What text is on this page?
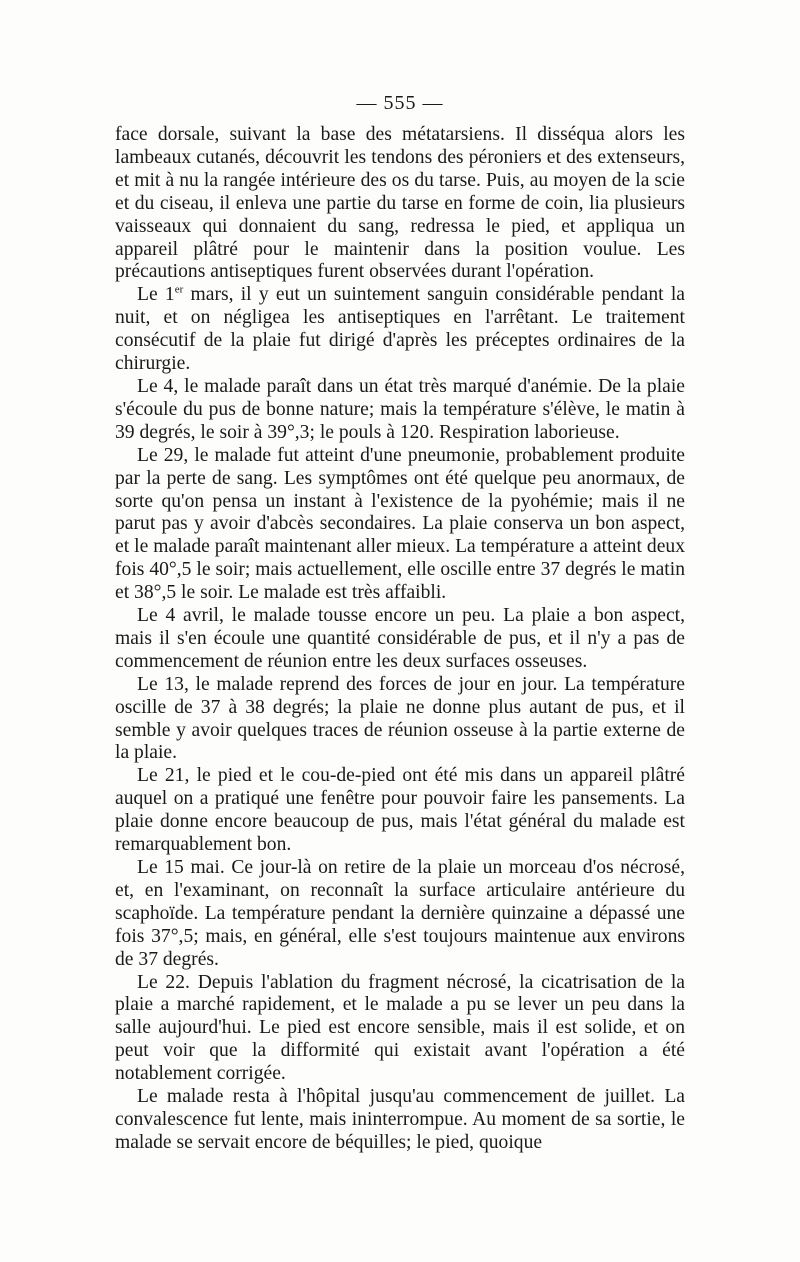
— 555 —

face dorsale, suivant la base des métatarsiens. Il disséqua alors les lambeaux cutanés, découvrit les tendons des péroniers et des extenseurs, et mit à nu la rangée intérieure des os du tarse. Puis, au moyen de la scie et du ciseau, il enleva une partie du tarse en forme de coin, lia plusieurs vaisseaux qui donnaient du sang, redressa le pied, et appliqua un appareil plâtré pour le maintenir dans la position voulue. Les précautions antiseptiques furent observées durant l'opération.

Le 1er mars, il y eut un suintement sanguin considérable pendant la nuit, et on négligea les antiseptiques en l'arrêtant. Le traitement consécutif de la plaie fut dirigé d'après les préceptes ordinaires de la chirurgie.

Le 4, le malade paraît dans un état très marqué d'anémie. De la plaie s'écoule du pus de bonne nature; mais la température s'élève, le matin à 39 degrés, le soir à 39°,3; le pouls à 120. Respiration laborieuse.

Le 29, le malade fut atteint d'une pneumonie, probablement produite par la perte de sang. Les symptômes ont été quelque peu anormaux, de sorte qu'on pensa un instant à l'existence de la pyohémie; mais il ne parut pas y avoir d'abcès secondaires. La plaie conserva un bon aspect, et le malade paraît maintenant aller mieux. La température a atteint deux fois 40°,5 le soir; mais actuellement, elle oscille entre 37 degrés le matin et 38°,5 le soir. Le malade est très affaibli.

Le 4 avril, le malade tousse encore un peu. La plaie a bon aspect, mais il s'en écoule une quantité considérable de pus, et il n'y a pas de commencement de réunion entre les deux surfaces osseuses.

Le 13, le malade reprend des forces de jour en jour. La température oscille de 37 à 38 degrés; la plaie ne donne plus autant de pus, et il semble y avoir quelques traces de réunion osseuse à la partie externe de la plaie.

Le 21, le pied et le cou-de-pied ont été mis dans un appareil plâtré auquel on a pratiqué une fenêtre pour pouvoir faire les pansements. La plaie donne encore beaucoup de pus, mais l'état général du malade est remarquablement bon.

Le 15 mai. Ce jour-là on retire de la plaie un morceau d'os nécrosé, et, en l'examinant, on reconnaît la surface articulaire antérieure du scaphoïde. La température pendant la dernière quinzaine a dépassé une fois 37°,5; mais, en général, elle s'est toujours maintenue aux environs de 37 degrés.

Le 22. Depuis l'ablation du fragment nécrosé, la cicatrisation de la plaie a marché rapidement, et le malade a pu se lever un peu dans la salle aujourd'hui. Le pied est encore sensible, mais il est solide, et on peut voir que la difformité qui existait avant l'opération a été notablement corrigée.

Le malade resta à l'hôpital jusqu'au commencement de juillet. La convalescence fut lente, mais ininterrompue. Au moment de sa sortie, le malade se servait encore de béquilles; le pied, quoique
